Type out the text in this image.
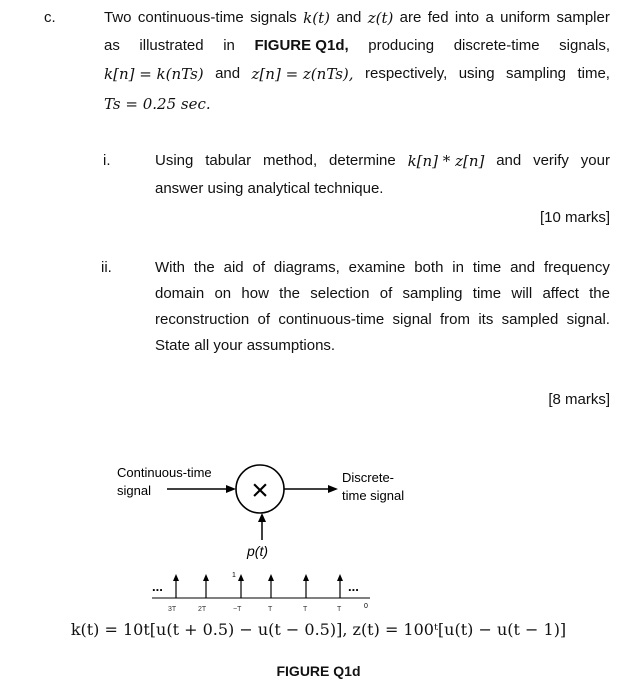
c.	Two continuous-time signals k(t) and z(t) are fed into a uniform sampler
as illustrated in FIGURE Q1d, producing discrete-time signals,
k[n] = k(nTs) and z[n] = z(nTs), respectively, using sampling time,
Ts = 0.25 sec.
i.	Using tabular method, determine k[n] * z[n] and verify your
answer using analytical technique.
[10 marks]
ii.	With the aid of diagrams, examine both in time and frequency
domain on how the selection of sampling time will affect the
reconstruction of continuous-time signal from its sampled signal.
State all your assumptions.
[8 marks]
Continuous-time
signal	×	Discrete-
time signal
p(t)
...	...
1
0
3T	2T	−T	T	T	T
k(t) = 10t[u(t + 0.5) − u(t − 0.5)], z(t) = 100ᵗ[u(t) − u(t − 1)]
FIGURE Q1d
